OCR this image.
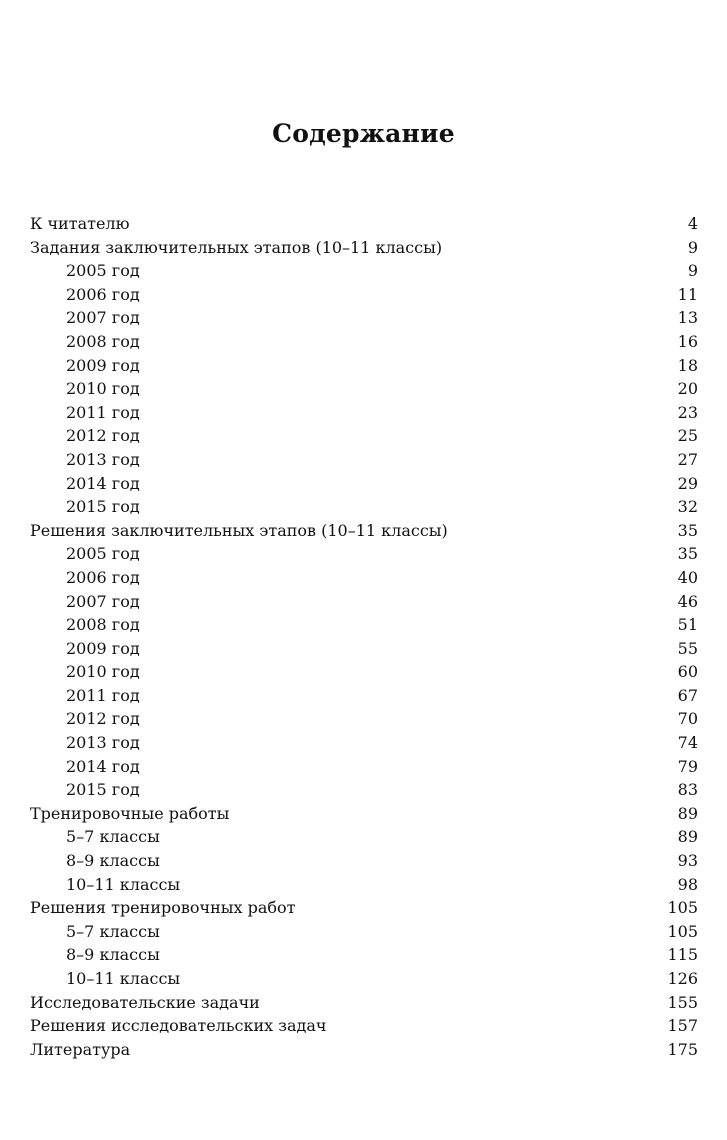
Содержание
К читателю	4
Задания заключительных этапов (10–11 классы)	9
2005 год	9
2006 год	11
2007 год	13
2008 год	16
2009 год	18
2010 год	20
2011 год	23
2012 год	25
2013 год	27
2014 год	29
2015 год	32
Решения заключительных этапов (10–11 классы)	35
2005 год	35
2006 год	40
2007 год	46
2008 год	51
2009 год	55
2010 год	60
2011 год	67
2012 год	70
2013 год	74
2014 год	79
2015 год	83
Тренировочные работы	89
5–7 классы	89
8–9 классы	93
10–11 классы	98
Решения тренировочных работ	105
5–7 классы	105
8–9 классы	115
10–11 классы	126
Исследовательские задачи	155
Решения исследовательских задач	157
Литература	175
